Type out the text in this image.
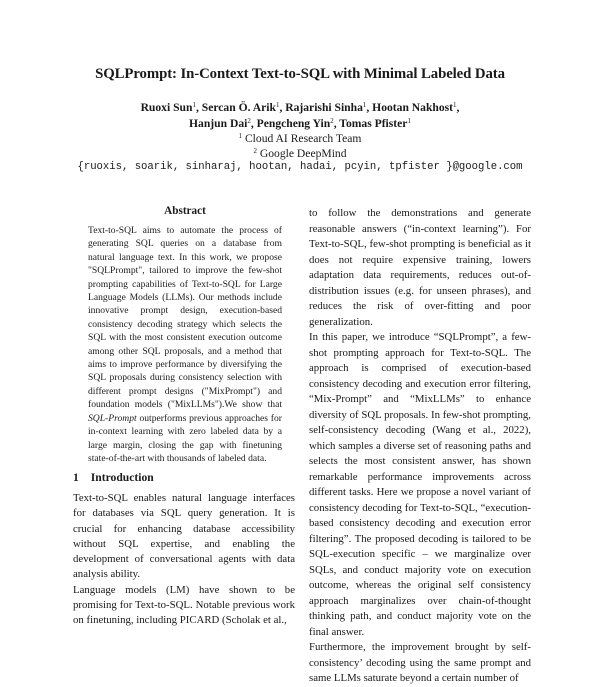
SQLPrompt: In-Context Text-to-SQL with Minimal Labeled Data
Ruoxi Sun$^1$, Sercan Ö. Arik$^1$, Rajarishi Sinha$^1$, Hootan Nakhost$^1$,
Hanjun Dai$^2$, Pengcheng Yin$^2$, Tomas Pfister$^1$
$^1$ Cloud AI Research Team
$^2$ Google DeepMind
{ruoxis, soarik, sinharaj, hootan, hadai, pcyin, tpfister }@google.com
Abstract
Text-to-SQL aims to automate the process of generating SQL queries on a database from natural language text. In this work, we propose "SQLPrompt", tailored to improve the few-shot prompting capabilities of Text-to-SQL for Large Language Models (LLMs). Our methods include innovative prompt design, execution-based consistency decoding strategy which selects the SQL with the most consistent execution outcome among other SQL proposals, and a method that aims to improve performance by diversifying the SQL proposals during consistency selection with different prompt designs ("MixPrompt") and foundation models ("MixLLMs").We show that SQL-Prompt outperforms previous approaches for in-context learning with zero labeled data by a large margin, closing the gap with finetuning state-of-the-art with thousands of labeled data.
1 Introduction

Text-to-SQL enables natural language interfaces for databases via SQL query generation. It is crucial for enhancing database accessibility without SQL expertise, and enabling the development of conversational agents with data analysis ability.

Language models (LM) have shown to be promising for Text-to-SQL. Notable previous work on finetuning, including PICARD (Scholak et al.,

to follow the demonstrations and generate reasonable answers (“in-context learning”). For Text-to-SQL, few-shot prompting is beneficial as it does not require expensive training, lowers adaptation data requirements, reduces out-of-distribution issues (e.g. for unseen phrases), and reduces the risk of over-fitting and poor generalization.

In this paper, we introduce “SQLPrompt”, a few-shot prompting approach for Text-to-SQL. The approach is comprised of execution-based consistency decoding and execution error filtering, “Mix-Prompt” and “MixLLMs” to enhance diversity of SQL proposals. In few-shot prompting, self-consistency decoding (Wang et al., 2022), which samples a diverse set of reasoning paths and selects the most consistent answer, has shown remarkable performance improvements across different tasks. Here we propose a novel variant of consistency decoding for Text-to-SQL, “execution-based consistency decoding and execution error filtering”. The proposed decoding is tailored to be SQL-execution specific – we marginalize over SQLs, and conduct majority vote on execution outcome, whereas the original self consistency approach marginalizes over chain-of-thought thinking path, and conduct majority vote on the final answer.

Furthermore, the improvement brought by self-consistency’ decoding using the same prompt and same LLMs saturate beyond a certain number of
